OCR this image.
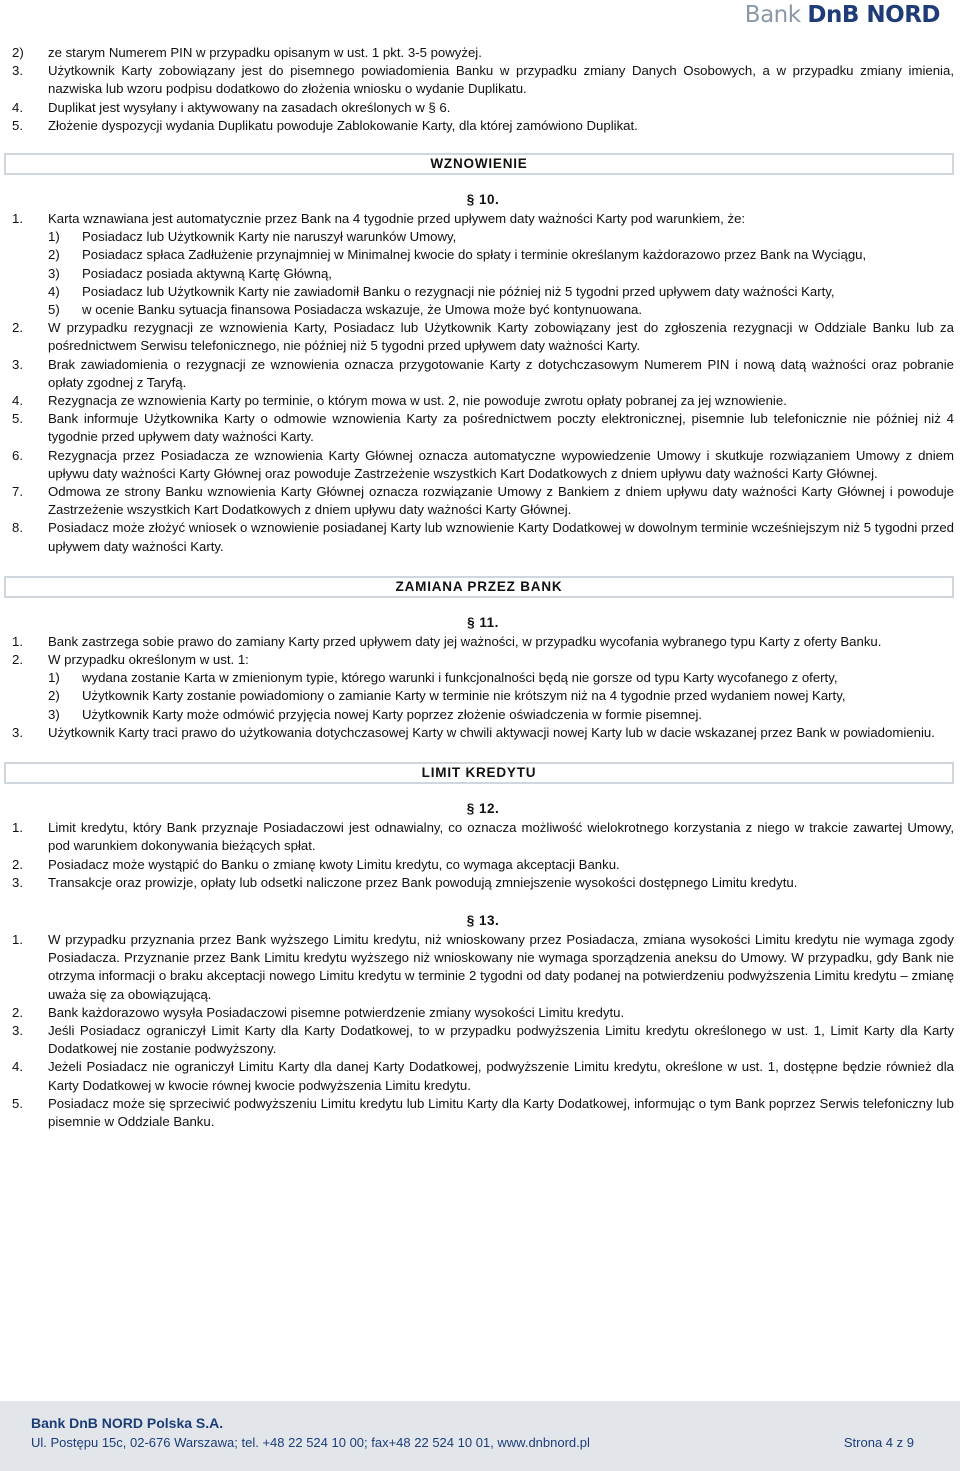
Bank DnB NORD

2) ze starym Numerem PIN w przypadku opisanym w ust. 1 pkt. 3-5 powyżej.

3. Użytkownik Karty zobowiązany jest do pisemnego powiadomienia Banku w przypadku zmiany Danych Osobowych, a w przypadku zmiany imienia, nazwiska lub wzoru podpisu dodatkowo do złożenia wniosku o wydanie Duplikatu.

4. Duplikat jest wysyłany i aktywowany na zasadach określonych w § 6.

5. Złożenie dyspozycji wydania Duplikatu powoduje Zablokowanie Karty, dla której zamówiono Duplikat.

WZNOWIENIE
§ 10.

1. Karta wznawiana jest automatycznie przez Bank na 4 tygodnie przed upływem daty ważności Karty pod warunkiem, że:

1) Posiadacz lub Użytkownik Karty nie naruszył warunków Umowy,

2) Posiadacz spłaca Zadłużenie przynajmniej w Minimalnej kwocie do spłaty i terminie określanym każdorazowo przez Bank na Wyciągu,

3) Posiadacz posiada aktywną Kartę Główną,

4) Posiadacz lub Użytkownik Karty nie zawiadomił Banku o rezygnacji nie później niż 5 tygodni przed upływem daty ważności Karty,

5) w ocenie Banku sytuacja finansowa Posiadacza wskazuje, że Umowa może być kontynuowana.

2. W przypadku rezygnacji ze wznowienia Karty, Posiadacz lub Użytkownik Karty zobowiązany jest do zgłoszenia rezygnacji w Oddziale Banku lub za pośrednictwem Serwisu telefonicznego, nie później niż 5 tygodni przed upływem daty ważności Karty.

3. Brak zawiadomienia o rezygnacji ze wznowienia oznacza przygotowanie Karty z dotychczasowym Numerem PIN i nową datą ważności oraz pobranie opłaty zgodnej z Taryfą.

4. Rezygnacja ze wznowienia Karty po terminie, o którym mowa w ust. 2, nie powoduje zwrotu opłaty pobranej za jej wznowienie.

5. Bank informuje Użytkownika Karty o odmowie wznowienia Karty za pośrednictwem poczty elektronicznej, pisemnie lub telefonicznie nie później niż 4 tygodnie przed upływem daty ważności Karty.

6. Rezygnacja przez Posiadacza ze wznowienia Karty Głównej oznacza automatyczne wypowiedzenie Umowy i skutkuje rozwiązaniem Umowy z dniem upływu daty ważności Karty Głównej oraz powoduje Zastrzeżenie wszystkich Kart Dodatkowych z dniem upływu daty ważności Karty Głównej.

7. Odmowa ze strony Banku wznowienia Karty Głównej oznacza rozwiązanie Umowy z Bankiem z dniem upływu daty ważności Karty Głównej i powoduje Zastrzeżenie wszystkich Kart Dodatkowych z dniem upływu daty ważności Karty Głównej.

8. Posiadacz może złożyć wniosek o wznowienie posiadanej Karty lub wznowienie Karty Dodatkowej w dowolnym terminie wcześniejszym niż 5 tygodni przed upływem daty ważności Karty.

ZAMIANA PRZEZ BANK
§ 11.

1. Bank zastrzega sobie prawo do zamiany Karty przed upływem daty jej ważności, w przypadku wycofania wybranego typu Karty z oferty Banku.

2. W przypadku określonym w ust. 1:

1) wydana zostanie Karta w zmienionym typie, którego warunki i funkcjonalności będą nie gorsze od typu Karty wycofanego z oferty,

2) Użytkownik Karty zostanie powiadomiony o zamianie Karty w terminie nie krótszym niż na 4 tygodnie przed wydaniem nowej Karty,

3) Użytkownik Karty może odmówić przyjęcia nowej Karty poprzez złożenie oświadczenia w formie pisemnej.

3. Użytkownik Karty traci prawo do użytkowania dotychczasowej Karty w chwili aktywacji nowej Karty lub w dacie wskazanej przez Bank w powiadomieniu.

LIMIT KREDYTU
§ 12.

1. Limit kredytu, który Bank przyznaje Posiadaczowi jest odnawialny, co oznacza możliwość wielokrotnego korzystania z niego w trakcie zawartej Umowy, pod warunkiem dokonywania bieżących spłat.

2. Posiadacz może wystąpić do Banku o zmianę kwoty Limitu kredytu, co wymaga akceptacji Banku.

3. Transakcje oraz prowizje, opłaty lub odsetki naliczone przez Bank powodują zmniejszenie wysokości dostępnego Limitu kredytu.

§ 13.

1. W przypadku przyznania przez Bank wyższego Limitu kredytu, niż wnioskowany przez Posiadacza, zmiana wysokości Limitu kredytu nie wymaga zgody Posiadacza. Przyznanie przez Bank Limitu kredytu wyższego niż wnioskowany nie wymaga sporządzenia aneksu do Umowy. W przypadku, gdy Bank nie otrzyma informacji o braku akceptacji nowego Limitu kredytu w terminie 2 tygodni od daty podanej na potwierdzeniu podwyższenia Limitu kredytu – zmianę uważa się za obowiązującą.

2. Bank każdorazowo wysyła Posiadaczowi pisemne potwierdzenie zmiany wysokości Limitu kredytu.

3. Jeśli Posiadacz ograniczył Limit Karty dla Karty Dodatkowej, to w przypadku podwyższenia Limitu kredytu określonego w ust. 1, Limit Karty dla Karty Dodatkowej nie zostanie podwyższony.

4. Jeżeli Posiadacz nie ograniczył Limitu Karty dla danej Karty Dodatkowej, podwyższenie Limitu kredytu, określone w ust. 1, dostępne będzie również dla Karty Dodatkowej w kwocie równej kwocie podwyższenia Limitu kredytu.

5. Posiadacz może się sprzeciwić podwyższeniu Limitu kredytu lub Limitu Karty dla Karty Dodatkowej, informując o tym Bank poprzez Serwis telefoniczny lub pisemnie w Oddziale Banku.

Bank DnB NORD Polska S.A.
Ul. Postępu 15c, 02-676 Warszawa; tel. +48 22 524 10 00; fax+48 22 524 10 01, www.dnbnord.pl	Strona 4 z 9
